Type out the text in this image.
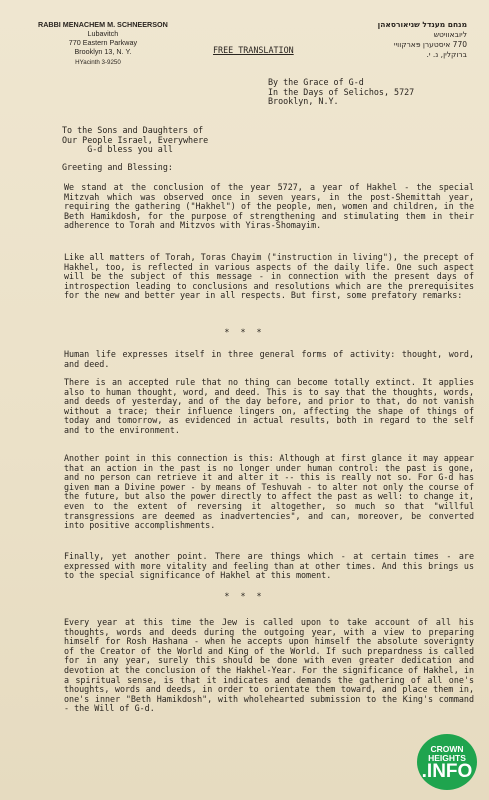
RABBI MENACHEM M. SCHNEERSON
Lubavitch
770 Eastern Parkway
Brooklyn 13, N. Y.
HYacinth 3-9250
מנחם מענדל שניאורסאהן
ליובאוויטש
770 איסטערן פּארקוויי
ברוקלין, נ. י.
FREE TRANSLATION
By the Grace of G-d
In the Days of Selichos, 5727
Brooklyn, N.Y.
To the Sons and Daughters of
Our People Israel, Everywhere
G-d bless you all
Greeting and Blessing:
We stand at the conclusion of the year 5727, a year of Hakhel - the special Mitzvah which was observed once in seven years, in the post-Shemittah year, requiring the gathering ("Hakhel") of the people, men, women and children, in the Beth Hamikdosh, for the purpose of strengthening and stimulating them in their adherence to Torah and Mitzvos with Yiras-Shomayim.
Like all matters of Torah, Toras Chayim ("instruction in living"), the precept of Hakhel, too, is reflected in various aspects of the daily life. One such aspect will be the subject of this message - in connection with the present days of introspection leading to conclusions and resolutions which are the prerequisites for the new and better year in all respects. But first, some prefatory remarks:
* * *
Human life expresses itself in three general forms of activity: thought, word, and deed.
There is an accepted rule that no thing can become totally extinct. It applies also to human thought, word, and deed. This is to say that the thoughts, words, and deeds of yesterday, and of the day before, and prior to that, do not vanish without a trace; their influence lingers on, affecting the shape of things of today and tomorrow, as evidenced in actual results, both in regard to the self and to the environment.
Another point in this connection is this: Although at first glance it may appear that an action in the past is no longer under human control: the past is gone, and no person can retrieve it and alter it -- this is really not so. For G-d has given man a Divine power - by means of Teshuvah - to alter not only the course of the future, but also the power directly to affect the past as well: to change it, even to the extent of reversing it altogether, so much so that "willful transgressions are deemed as inadvertencies", and can, moreover, be converted into positive accomplishments.
Finally, yet another point. There are things which - at certain times - are expressed with more vitality and feeling than at other times. And this brings us to the special significance of Hakhel at this moment.
* * *
Every year at this time the Jew is called upon to take account of all his thoughts, words and deeds during the outgoing year, with a view to preparing himself for Rosh Hashana - when he accepts upon himself the absolute soverignty of the Creator of the World and King of the World. If such prepardness is called for in any year, surely this should be done with even greater dedication and devotion at the conclusion of the Hakhel-Year. For the significance of Hakhel, in a spiritual sense, is that it indicates and demands the gathering of all one's thoughts, words and deeds, in order to orientate them toward, and place them in, one's inner "Beth Hamikdosh", with wholehearted submission to the King's command - the Will of G-d.
CROWN
HEIGHTS
.INFO
